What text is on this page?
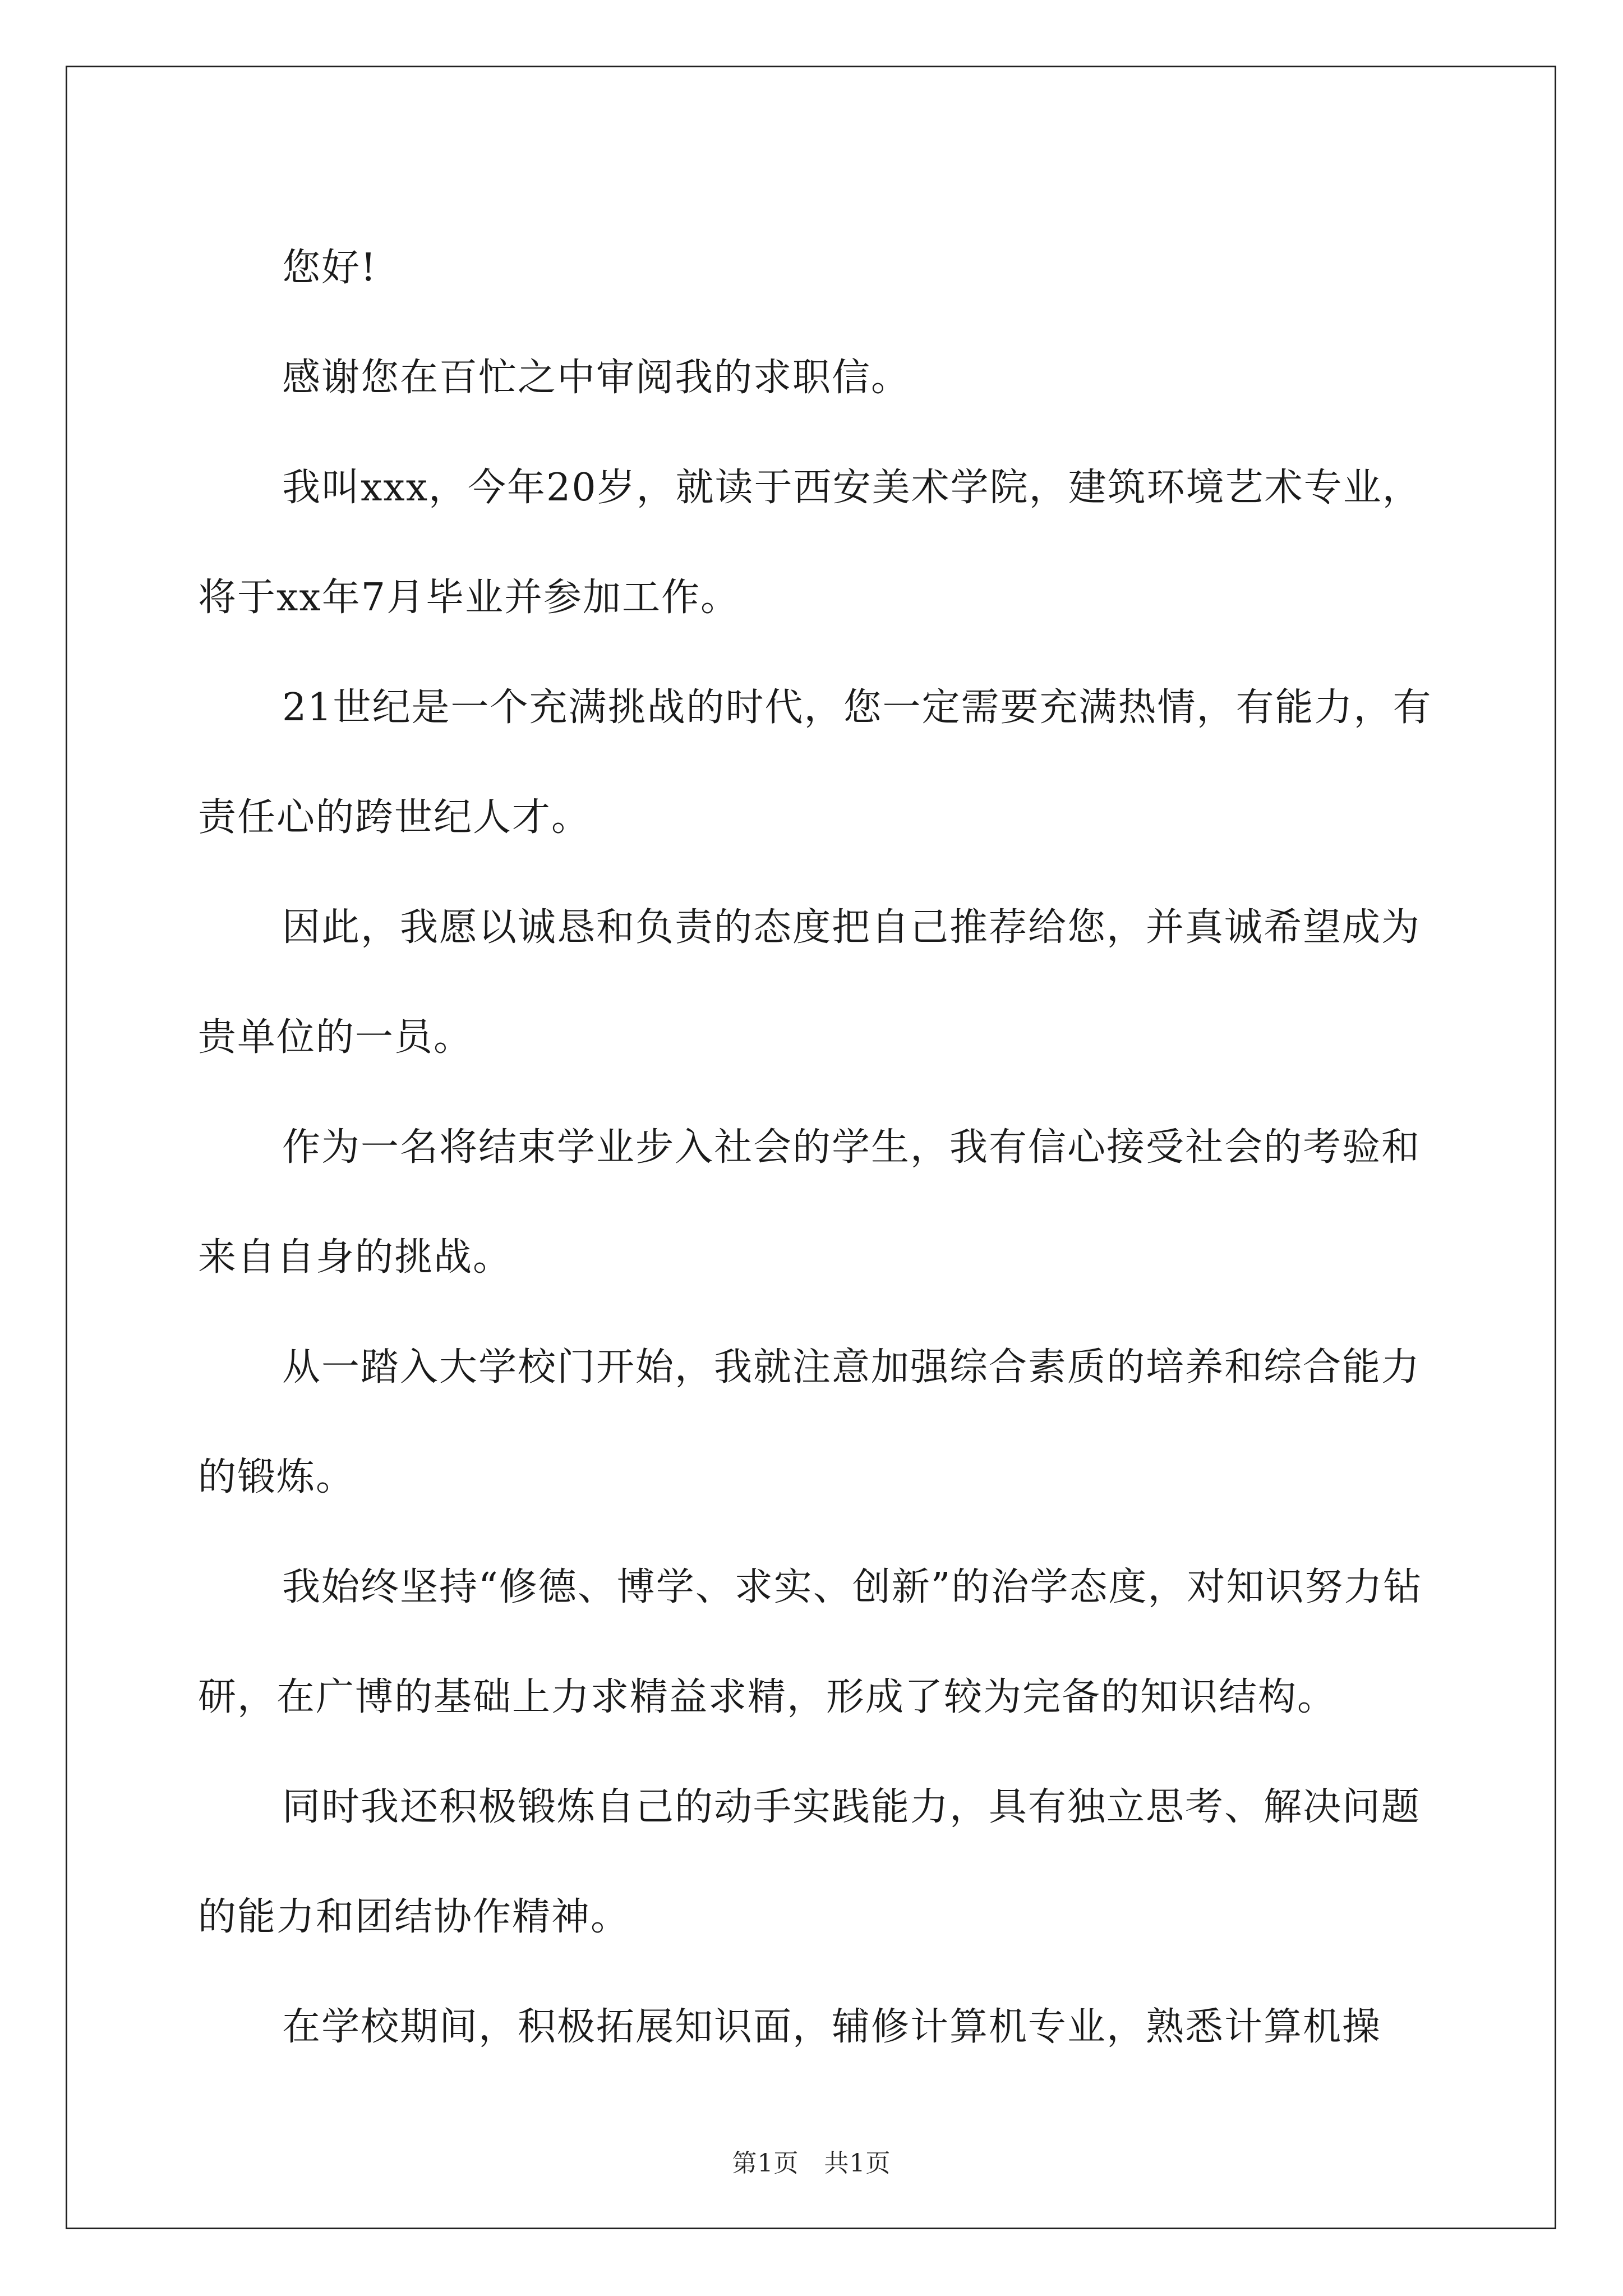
您好!

感谢您在百忙之中审阅我的求职信。

我叫xxx，今年20岁，就读于西安美术学院，建筑环境艺术专业，将于xx年7月毕业并参加工作。

21世纪是一个充满挑战的时代，您一定需要充满热情，有能力，有责任心的跨世纪人才。

因此，我愿以诚恳和负责的态度把自己推荐给您，并真诚希望成为贵单位的一员。

作为一名将结束学业步入社会的学生，我有信心接受社会的考验和来自自身的挑战。

从一踏入大学校门开始，我就注意加强综合素质的培养和综合能力的锻炼。

我始终坚持“修德、博学、求实、创新”的治学态度，对知识努力钻研，在广博的基础上力求精益求精，形成了较为完备的知识结构。

同时我还积极锻炼自己的动手实践能力，具有独立思考、解决问题的能力和团结协作精神。

在学校期间，积极拓展知识面，辅修计算机专业，熟悉计算机操

第1页　共1页
